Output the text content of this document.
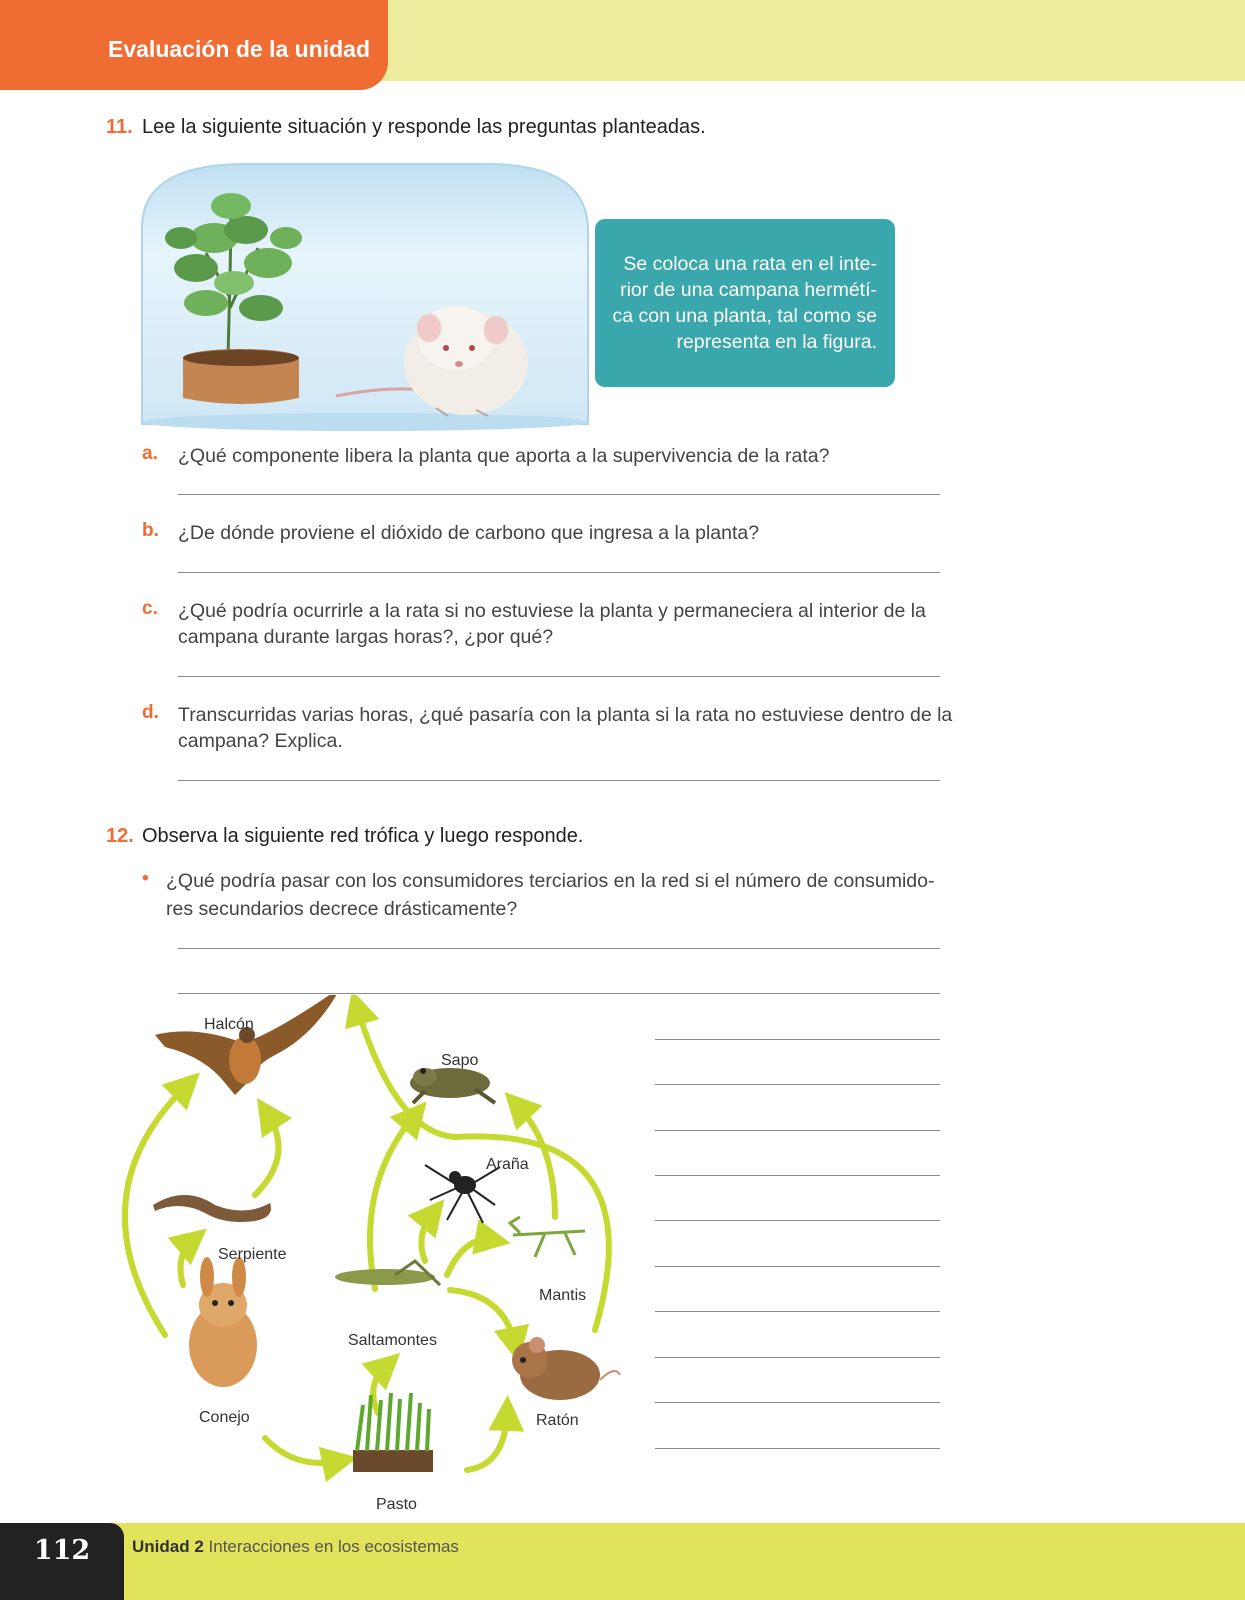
Evaluación de la unidad
11. Lee la siguiente situación y responde las preguntas planteadas.
Se coloca una rata en el inte-
rior de una campana hermétí-
ca con una planta, tal como se
representa en la figura.
a. ¿Qué componente libera la planta que aporta a la supervivencia de la rata?
b. ¿De dónde proviene el dióxido de carbono que ingresa a la planta?
c. ¿Qué podría ocurrirle a la rata si no estuviese la planta y permaneciera al interior de la
campana durante largas horas?, ¿por qué?
d. Transcurridas varias horas, ¿qué pasaría con la planta si la rata no estuviese dentro de la
campana? Explica.
12. Observa la siguiente red trófica y luego responde.
• ¿Qué podría pasar con los consumidores terciarios en la red si el número de consumido-
res secundarios decrece drásticamente?
Halcón
Sapo
Araña
Serpiente
Mantis
Saltamontes
Conejo	Ratón
Pasto
112	Unidad 2 Interacciones en los ecosistemas
